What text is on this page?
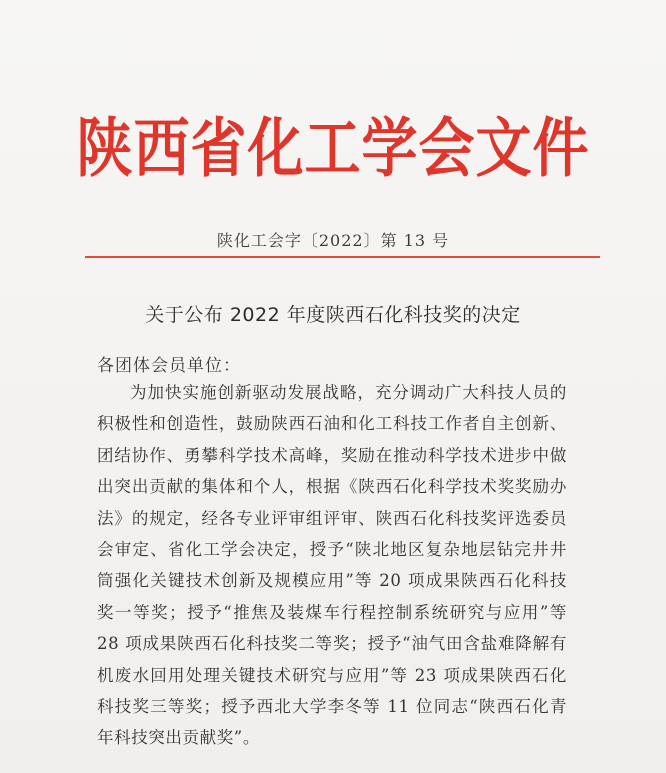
陕西省化工学会文件
陕化工会字〔2022〕第 13 号
关于公布 2022 年度陕西石化科技奖的决定
各团体会员单位：
为加快实施创新驱动发展战略，充分调动广大科技人员的积极性和创造性，鼓励陕西石油和化工科技工作者自主创新、团结协作、勇攀科学技术高峰，奖励在推动科学技术进步中做出突出贡献的集体和个人，根据《陕西石化科学技术奖奖励办法》的规定，经各专业评审组评审、陕西石化科技奖评选委员会审定、省化工学会决定，授予“陕北地区复杂地层钻完井井筒强化关键技术创新及规模应用”等 20 项成果陕西石化科技奖一等奖；授予“推焦及装煤车行程控制系统研究与应用”等 28 项成果陕西石化科技奖二等奖；授予“油气田含盐难降解有机废水回用处理关键技术研究与应用”等 23 项成果陕西石化科技奖三等奖；授予西北大学李冬等 11 位同志“陕西石化青年科技突出贡献奖”。
